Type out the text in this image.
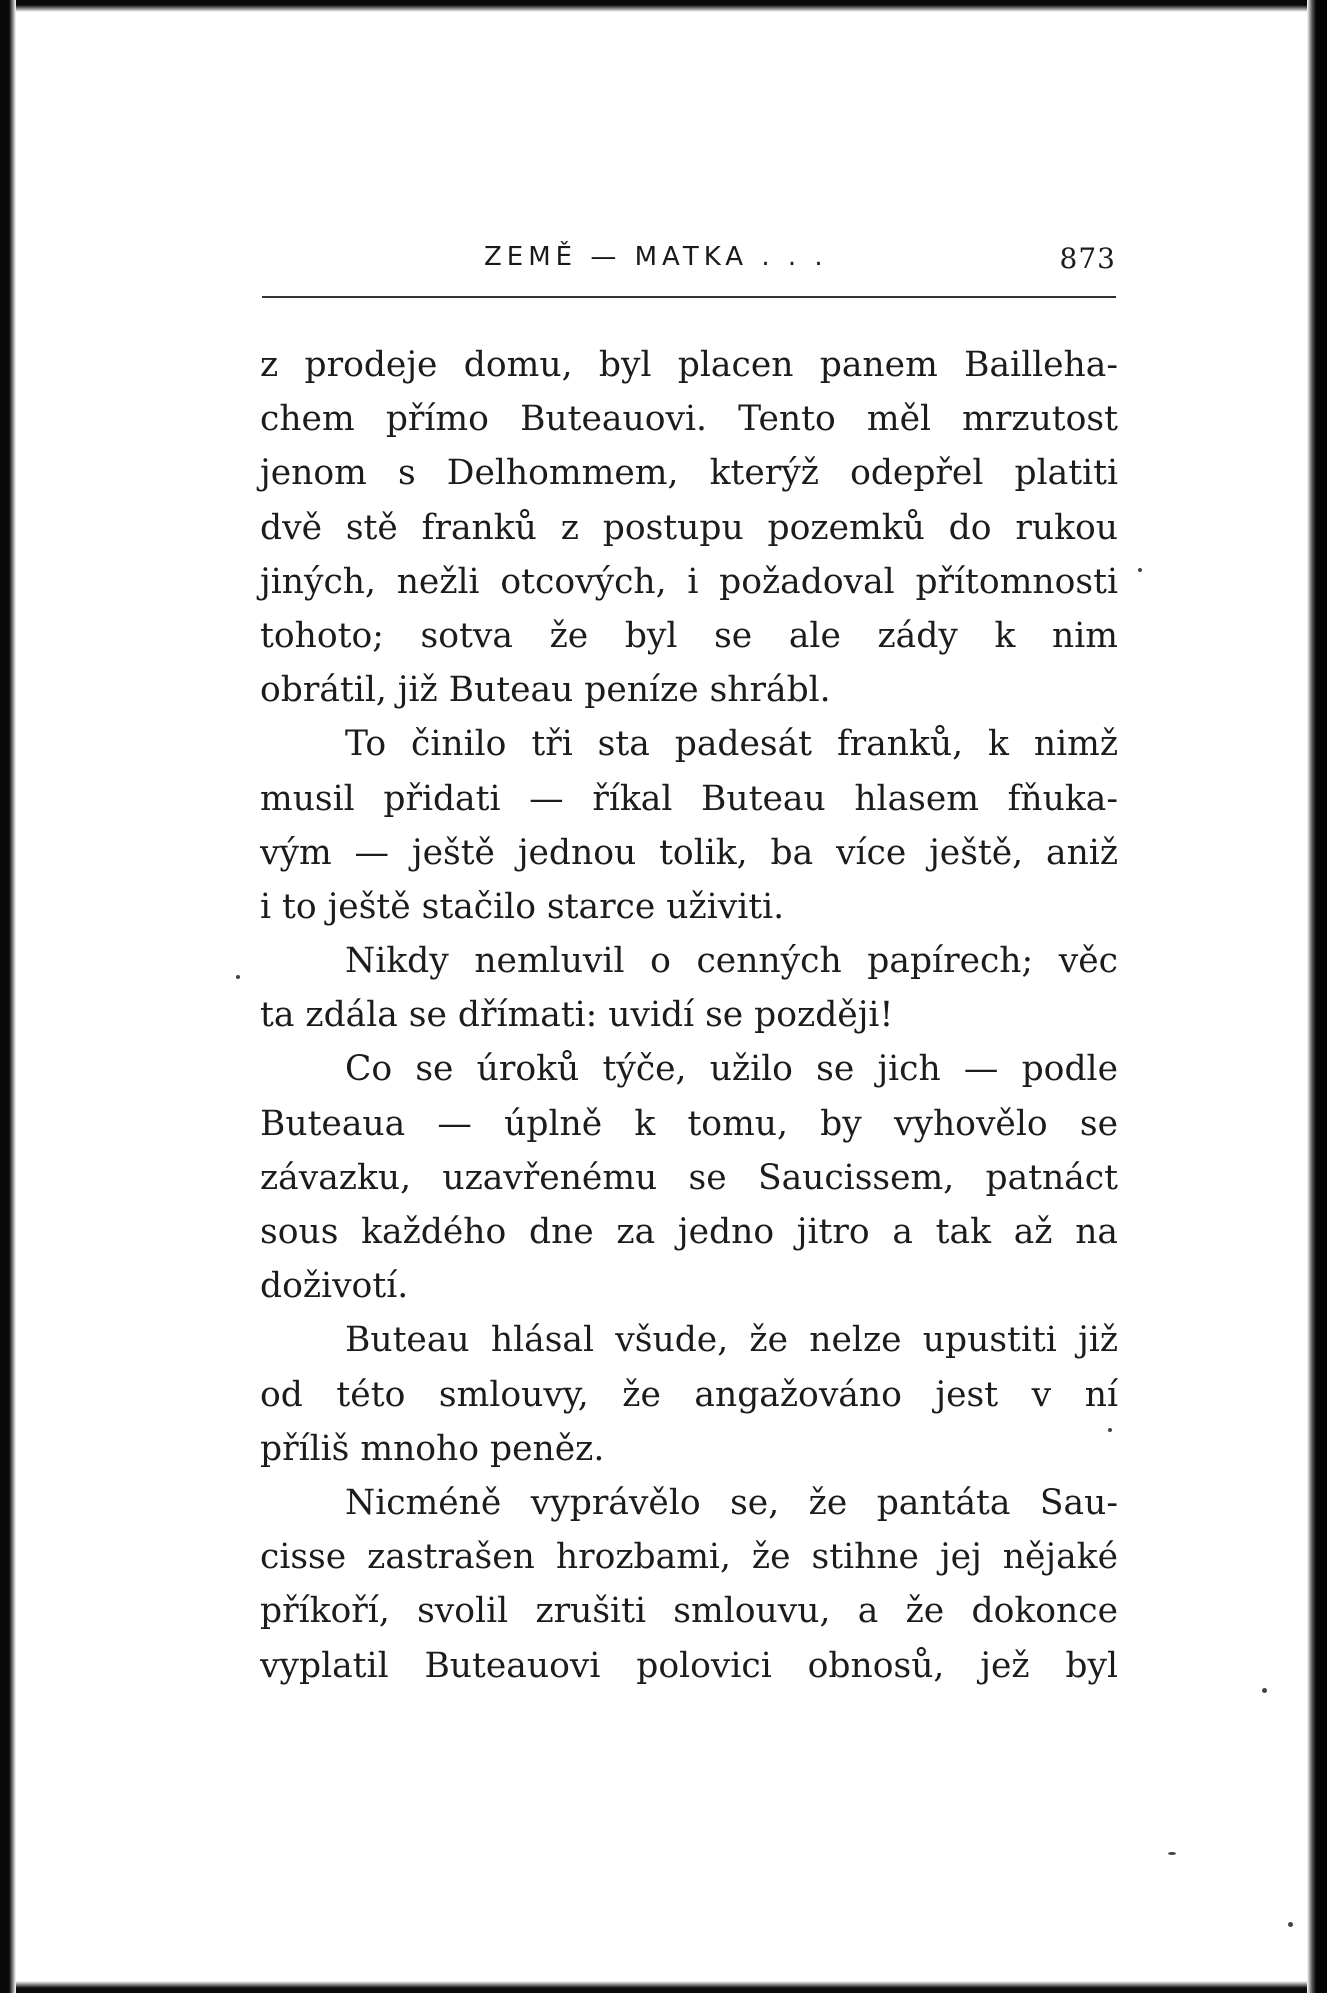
ZEMĚ — MATKA . . .	873
z prodeje domu, byl placen panem Bailleha-
chem přímo Buteauovi. Tento měl mrzutost
jenom s Delhommem, kterýž odepřel platiti
dvě stě franků z postupu pozemků do rukou
jiných, nežli otcových, i požadoval přítomnosti
tohoto; sotva že byl se ale zády k nim
obrátil, již Buteau peníze shrábl.
To činilo tři sta padesát franků, k nimž
musil přidati — říkal Buteau hlasem fňuka-
vým — ještě jednou tolik, ba více ještě, aniž
i to ještě stačilo starce uživiti.
Nikdy nemluvil o cenných papírech; věc
ta zdála se dřímati: uvidí se později!
Co se úroků týče, užilo se jich — podle
Buteaua — úplně k tomu, by vyhovělo se
závazku, uzavřenému se Saucissem, patnáct
sous každého dne za jedno jitro a tak až na
doživotí.
Buteau hlásal všude, že nelze upustiti již
od této smlouvy, že angažováno jest v ní
příliš mnoho peněz.
Nicméně vyprávělo se, že pantáta Sau-
cisse zastrašen hrozbami, že stihne jej nějaké
příkoří, svolil zrušiti smlouvu, a že dokonce
vyplatil Buteauovi polovici obnosů, jež byl
